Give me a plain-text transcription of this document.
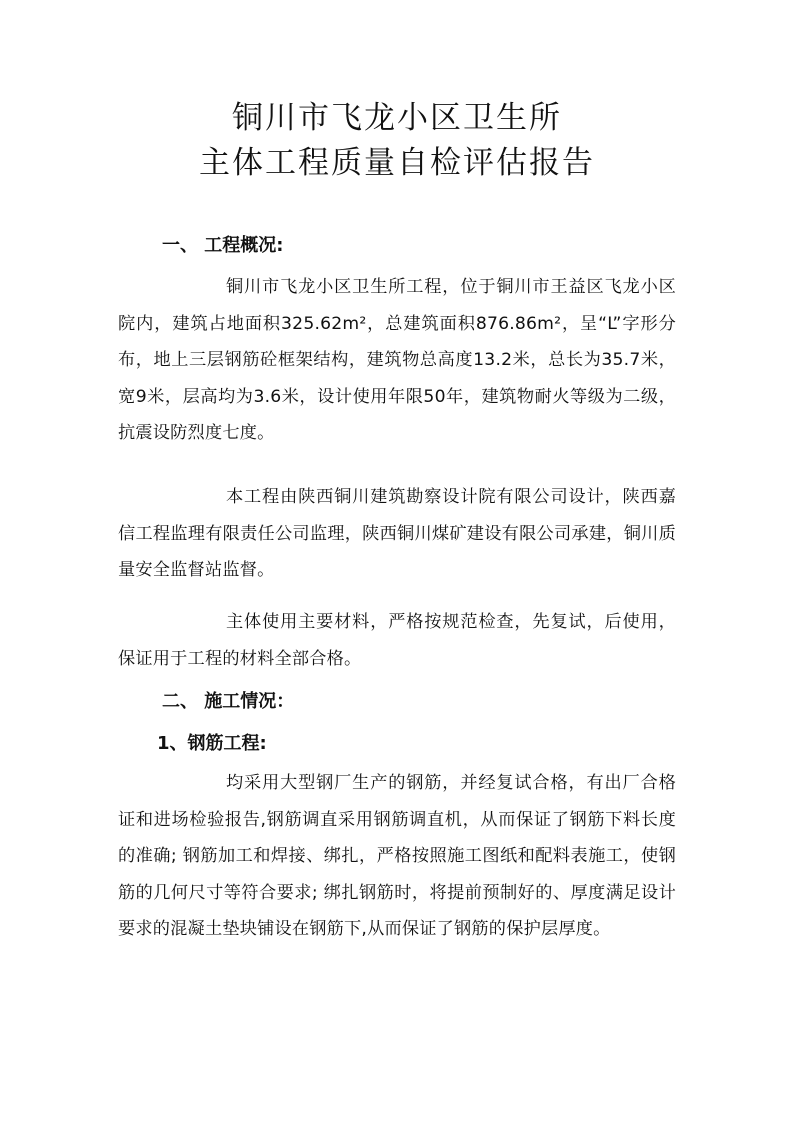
铜川市飞龙小区卫生所
主体工程质量自检评估报告
一、 工程概况:
铜川市飞龙小区卫生所工程，位于铜川市王益区飞龙小区院内，建筑占地面积325.62m²，总建筑面积876.86m²，呈“L”字形分布，地上三层钢筋砼框架结构，建筑物总高度13.2米，总长为35.7米，宽9米，层高均为3.6米，设计使用年限50年，建筑物耐火等级为二级，抗震设防烈度七度。
本工程由陕西铜川建筑勘察设计院有限公司设计，陕西嘉信工程监理有限责任公司监理，陕西铜川煤矿建设有限公司承建，铜川质量安全监督站监督。
主体使用主要材料，严格按规范检查，先复试，后使用，保证用于工程的材料全部合格。
二、 施工情况：
1、钢筋工程:
均采用大型钢厂生产的钢筋，并经复试合格，有出厂合格证和进场检验报告,钢筋调直采用钢筋调直机，从而保证了钢筋下料长度的准确; 钢筋加工和焊接、绑扎，严格按照施工图纸和配料表施工，使钢筋的几何尺寸等符合要求; 绑扎钢筋时，将提前预制好的、厚度满足设计要求的混凝土垫块铺设在钢筋下,从而保证了钢筋的保护层厚度。
